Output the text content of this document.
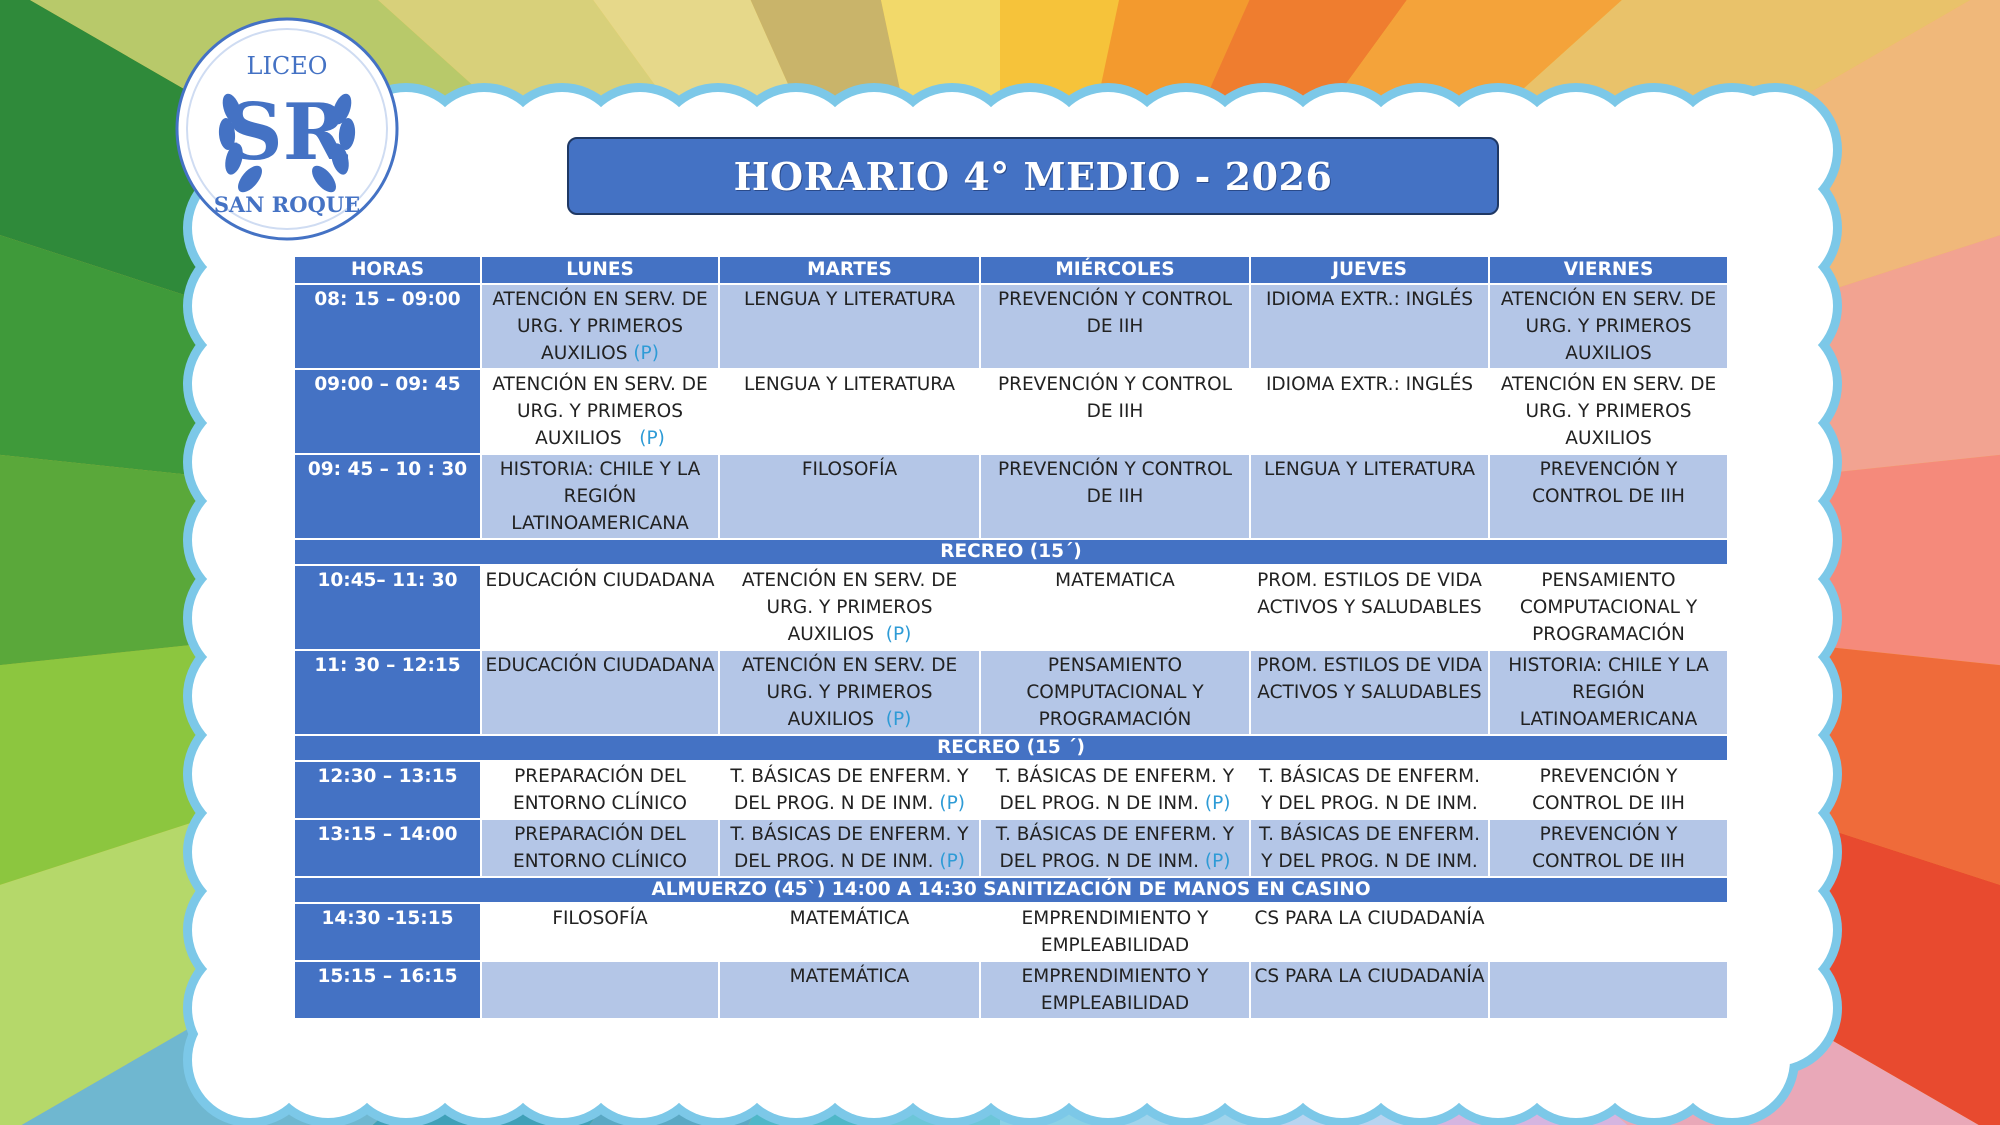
LICEO
SR
SAN ROQUE
HORARIO 4° MEDIO - 2026
HORAS	LUNES	MARTES	MIÉRCOLES	JUEVES	VIERNES
08: 15 – 09:00	ATENCIÓN EN SERV. DE URG. Y PRIMEROS AUXILIOS (P)	LENGUA Y LITERATURA	PREVENCIÓN Y CONTROL DE IIH	IDIOMA EXTR.: INGLÉS	ATENCIÓN EN SERV. DE URG. Y PRIMEROS AUXILIOS
09:00 – 09: 45	ATENCIÓN EN SERV. DE URG. Y PRIMEROS AUXILIOS (P)	LENGUA Y LITERATURA	PREVENCIÓN Y CONTROL DE IIH	IDIOMA EXTR.: INGLÉS	ATENCIÓN EN SERV. DE URG. Y PRIMEROS AUXILIOS
09: 45 – 10 : 30	HISTORIA: CHILE Y LA REGIÓN LATINOAMERICANA	FILOSOFÍA	PREVENCIÓN Y CONTROL DE IIH	LENGUA Y LITERATURA	PREVENCIÓN Y CONTROL DE IIH
RECREO (15´)					
10:45– 11: 30	EDUCACIÓN CIUDADANA	ATENCIÓN EN SERV. DE URG. Y PRIMEROS AUXILIOS (P)	MATEMATICA	PROM. ESTILOS DE VIDA ACTIVOS Y SALUDABLES	PENSAMIENTO COMPUTACIONAL Y PROGRAMACIÓN
11: 30 – 12:15	EDUCACIÓN CIUDADANA	ATENCIÓN EN SERV. DE URG. Y PRIMEROS AUXILIOS (P)	PENSAMIENTO COMPUTACIONAL Y PROGRAMACIÓN	PROM. ESTILOS DE VIDA ACTIVOS Y SALUDABLES	HISTORIA: CHILE Y LA REGIÓN LATINOAMERICANA
RECREO (15 ´)					
12:30 – 13:15	PREPARACIÓN DEL ENTORNO CLÍNICO	T. BÁSICAS DE ENFERM. Y DEL PROG. N DE INM. (P)	T. BÁSICAS DE ENFERM. Y DEL PROG. N DE INM. (P)	T. BÁSICAS DE ENFERM. Y DEL PROG. N DE INM.	PREVENCIÓN Y CONTROL DE IIH
13:15 – 14:00	PREPARACIÓN DEL ENTORNO CLÍNICO	T. BÁSICAS DE ENFERM. Y DEL PROG. N DE INM. (P)	T. BÁSICAS DE ENFERM. Y DEL PROG. N DE INM. (P)	T. BÁSICAS DE ENFERM. Y DEL PROG. N DE INM.	PREVENCIÓN Y CONTROL DE IIH
ALMUERZO (45`) 14:00 A 14:30 SANITIZACIÓN DE MANOS EN CASINO					
14:30 -15:15	FILOSOFÍA	MATEMÁTICA	EMPRENDIMIENTO Y EMPLEABILIDAD	CS PARA LA CIUDADANÍA	
15:15 – 16:15		MATEMÁTICA	EMPRENDIMIENTO Y EMPLEABILIDAD	CS PARA LA CIUDADANÍA	
